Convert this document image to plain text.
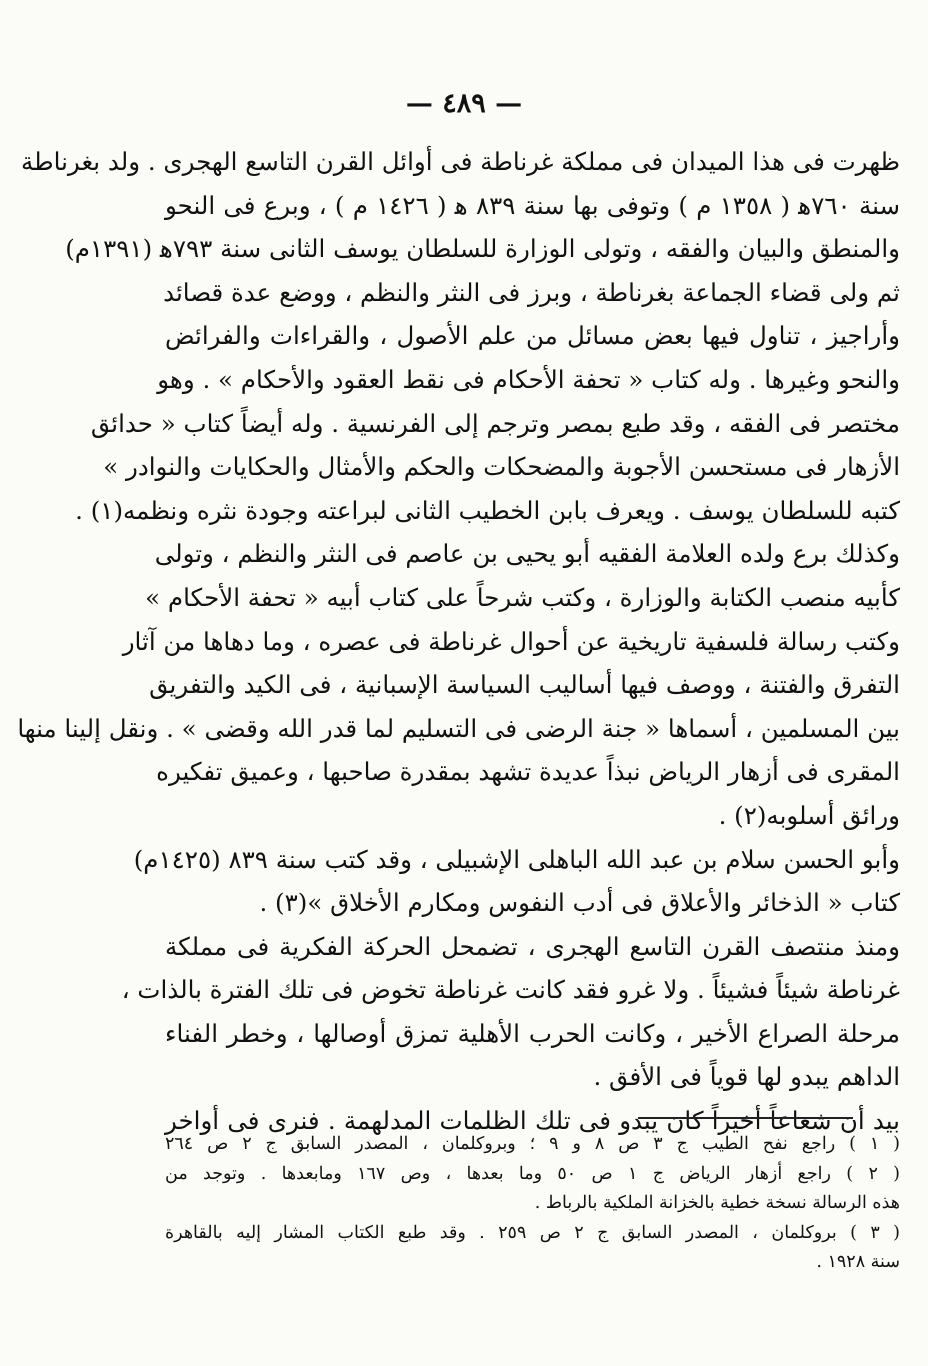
— ٤٨٩ —
ظهرت فى هذا الميدان فى مملكة غرناطة فى أوائل القرن التاسع الهجرى . ولد بغرناطة
سنة ٧٦٠ﻫ ( ١٣٥٨ م ) وتوفى بها سنة ٨٣٩ ﻫ ( ١٤٢٦ م ) ، وبرع فى النحو
والمنطق والبيان والفقه ، وتولى الوزارة للسلطان يوسف الثانى سنة ٧٩٣ﻫ (١٣٩١م)
ثم ولى قضاء الجماعة بغرناطة ، وبرز فى النثر والنظم ، ووضع عدة قصائد
وأراجيز ، تناول فيها بعض مسائل من علم الأصول ، والقراءات والفرائض
والنحو وغيرها . وله كتاب « تحفة الأحكام فى نقط العقود والأحكام » . وهو
مختصر فى الفقه ، وقد طبع بمصر وترجم إلى الفرنسية . وله أيضاً كتاب « حدائق
الأزهار فى مستحسن الأجوبة والمضحكات والحكم والأمثال والحكايات والنوادر »
كتبه للسلطان يوسف . ويعرف بابن الخطيب الثانى لبراعته وجودة نثره ونظمه(١) .
وكذلك برع ولده العلامة الفقيه أبو يحيى بن عاصم فى النثر والنظم ، وتولى
كأبيه منصب الكتابة والوزارة ، وكتب شرحاً على كتاب أبيه « تحفة الأحكام »
وكتب رسالة فلسفية تاريخية عن أحوال غرناطة فى عصره ، وما دهاها من آثار
التفرق والفتنة ، ووصف فيها أساليب السياسة الإسبانية ، فى الكيد والتفريق
بين المسلمين ، أسماها « جنة الرضى فى التسليم لما قدر الله وقضى » . ونقل إلينا منها
المقرى فى أزهار الرياض نبذاً عديدة تشهد بمقدرة صاحبها ، وعميق تفكيره
ورائق أسلوبه(٢) .
وأبو الحسن سلام بن عبد الله الباهلى الإشبيلى ، وقد كتب سنة ٨٣٩ (١٤٢٥م)
كتاب « الذخائر والأعلاق فى أدب النفوس ومكارم الأخلاق »(٣) .
ومنذ منتصف القرن التاسع الهجرى ، تضمحل الحركة الفكرية فى مملكة
غرناطة شيئاً فشيئاً . ولا غرو فقد كانت غرناطة تخوض فى تلك الفترة بالذات ،
مرحلة الصراع الأخير ، وكانت الحرب الأهلية تمزق أوصالها ، وخطر الفناء
الداهم يبدو لها قوياً فى الأفق .
بيد أن شعاعاً أخيراً كان يبدو فى تلك الظلمات المدلهمة . فنرى فى أواخر
( ١ ) راجع نفح الطيب ج ٣ ص ٨ و ٩ ؛ وبروكلمان ، المصدر السابق ج ٢ ص ٢٦٤
( ٢ ) راجع أزهار الرياض ج ١ ص ٥٠ وما بعدها ، وص ١٦٧ ومابعدها . وتوجد من
هذه الرسالة نسخة خطية بالخزانة الملكية بالرباط .
( ٣ ) بروكلمان ، المصدر السابق ج ٢ ص ٢٥٩ . وقد طبع الكتاب المشار إليه بالقاهرة
سنة ١٩٢٨ .
